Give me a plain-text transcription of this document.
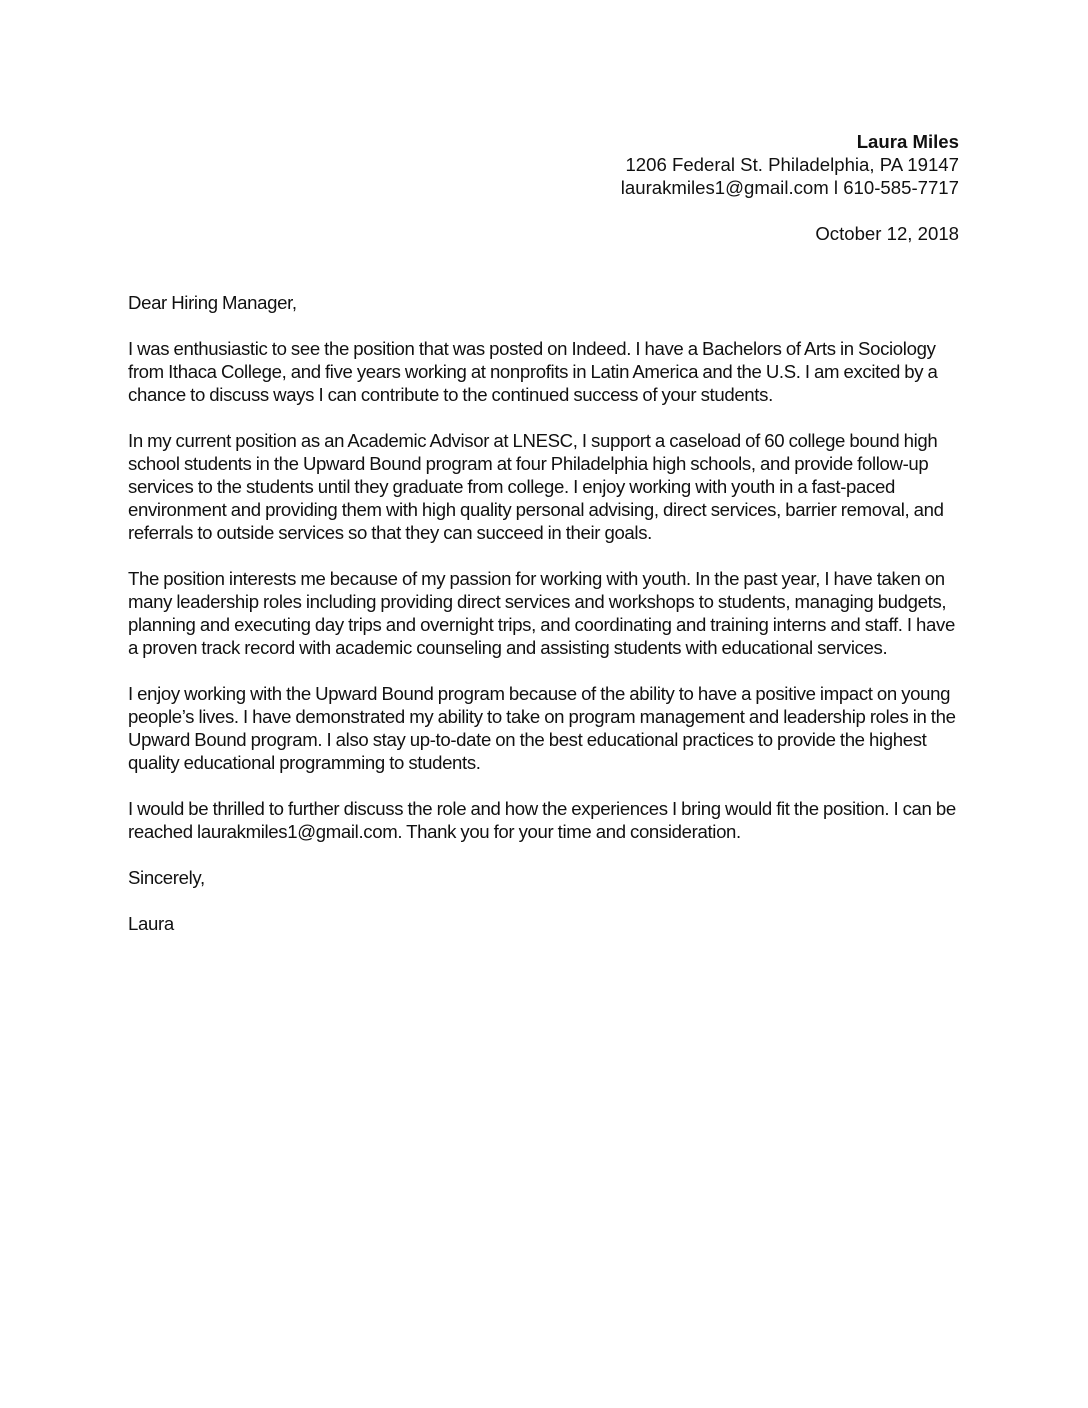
Laura Miles
1206 Federal St. Philadelphia, PA 19147
laurakmiles1@gmail.com l 610-585-7717
October 12, 2018

Dear Hiring Manager,

I was enthusiastic to see the position that was posted on Indeed. I have a Bachelors of Arts in Sociology from Ithaca College, and five years working at nonprofits in Latin America and the U.S. I am excited by a chance to discuss ways I can contribute to the continued success of your students.

In my current position as an Academic Advisor at LNESC, I support a caseload of 60 college bound high school students in the Upward Bound program at four Philadelphia high schools, and provide follow-up services to the students until they graduate from college. I enjoy working with youth in a fast-paced environment and providing them with high quality personal advising, direct services, barrier removal, and referrals to outside services so that they can succeed in their goals.

The position interests me because of my passion for working with youth. In the past year, I have taken on many leadership roles including providing direct services and workshops to students, managing budgets, planning and executing day trips and overnight trips, and coordinating and training interns and staff. I have a proven track record with academic counseling and assisting students with educational services.

I enjoy working with the Upward Bound program because of the ability to have a positive impact on young people’s lives. I have demonstrated my ability to take on program management and leadership roles in the Upward Bound program. I also stay up-to-date on the best educational practices to provide the highest quality educational programming to students.

I would be thrilled to further discuss the role and how the experiences I bring would fit the position. I can be reached laurakmiles1@gmail.com. Thank you for your time and consideration.

Sincerely,

Laura
